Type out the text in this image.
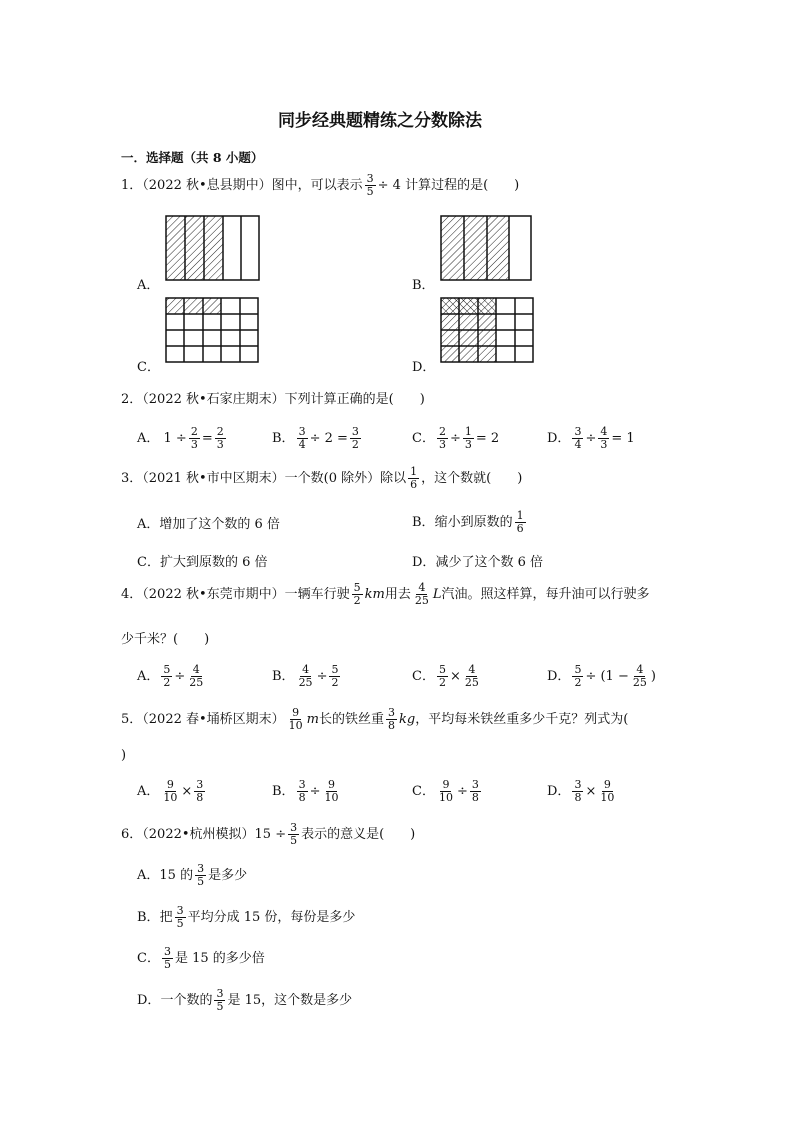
同步经典题精练之分数除法
一．选择题（共 8 小题）
1．（2022 秋•息县期中）图中，可以表示 $\frac{3}{5} \div 4$ 计算过程的是(　　)
A．	B．
C．	D．
2．（2022 秋•石家庄期末）下列计算正确的是(　　)
A． $1 \div \frac{2}{3} = \frac{2}{3}$	B． $\frac{3}{4} \div 2 = \frac{3}{2}$	C． $\frac{2}{3} \div \frac{1}{3} = 2$	D． $\frac{3}{4} \div \frac{4}{3} = 1$
3．（2021 秋•市中区期末）一个数(0 除外）除以 $\frac{1}{6}$ ，这个数就(　　)
A．增加了这个数的 6 倍	B．缩小到原数的 $\frac{1}{6}$
C．扩大到原数的 6 倍	D．减少了这个数 6 倍
4．（2022 秋•东莞市期中）一辆车行驶 $\frac{5}{2}$ km用去 $\frac{4}{25}$ L汽油。照这样算，每升油可以行驶多
少千米？(　　)
A． $\frac{5}{2} \div \frac{4}{25}$	B． $\frac{4}{25} \div \frac{5}{2}$	C． $\frac{5}{2} \times \frac{4}{25}$	D． $\frac{5}{2} \div (1 - \frac{4}{25}$ )
5．（2022 春•埇桥区期末） $\frac{9}{10}$ m长的铁丝重 $\frac{3}{8}$ kg，平均每米铁丝重多少千克？列式为(
)
A． $\frac{9}{10} \times \frac{3}{8}$	B． $\frac{3}{8} \div \frac{9}{10}$	C． $\frac{9}{10} \div \frac{3}{8}$	D． $\frac{3}{8} \times \frac{9}{10}$
6．（2022•杭州模拟）$15 \div \frac{3}{5}$ 表示的意义是(　　)
A．15 的 $\frac{3}{5}$ 是多少
B．把 $\frac{3}{5}$ 平均分成 15 份，每份是多少
C． $\frac{3}{5}$ 是 15 的多少倍
D．一个数的 $\frac{3}{5}$ 是 15，这个数是多少
